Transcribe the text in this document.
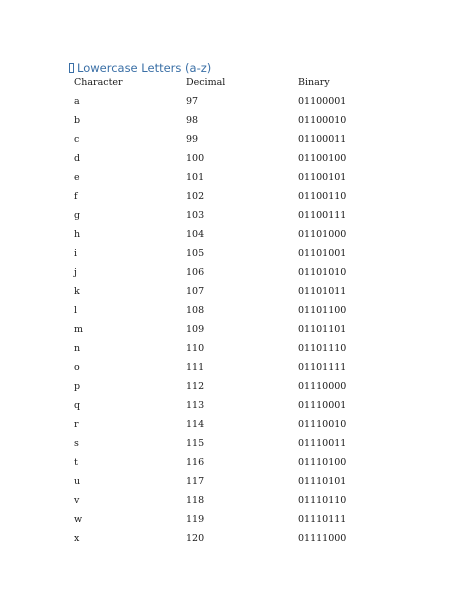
Lowercase Letters (a-z)
Character	Decimal	Binary
a	97	01100001
b	98	01100010
c	99	01100011
d	100	01100100
e	101	01100101
f	102	01100110
g	103	01100111
h	104	01101000
i	105	01101001
j	106	01101010
k	107	01101011
l	108	01101100
m	109	01101101
n	110	01101110
o	111	01101111
p	112	01110000
q	113	01110001
r	114	01110010
s	115	01110011
t	116	01110100
u	117	01110101
v	118	01110110
w	119	01110111
x	120	01111000
